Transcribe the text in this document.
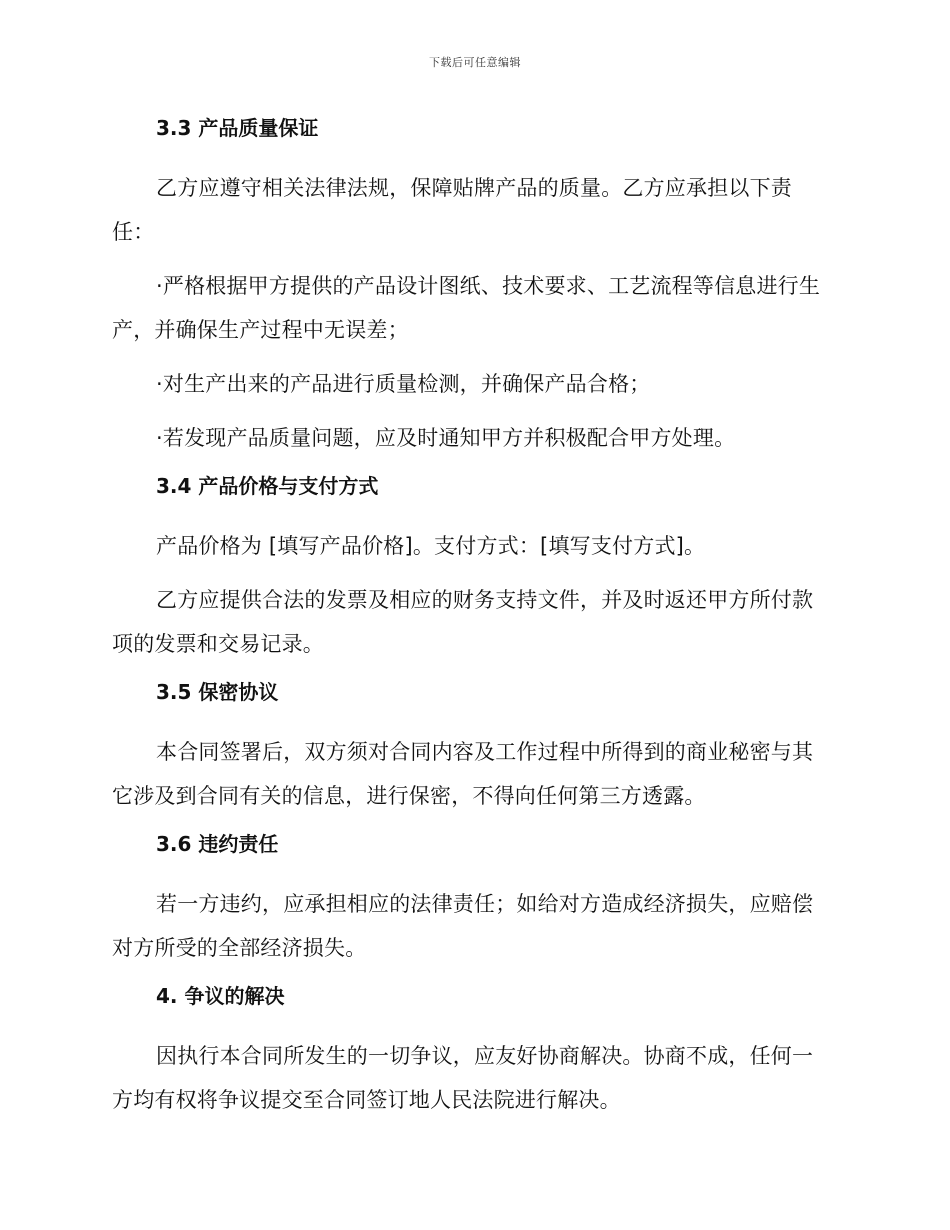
下载后可任意编辑
3.3 产品质量保证

乙方应遵守相关法律法规，保障贴牌产品的质量。乙方应承担以下责任：

·严格根据甲方提供的产品设计图纸、技术要求、工艺流程等信息进行生产，并确保生产过程中无误差；

·对生产出来的产品进行质量检测，并确保产品合格；

·若发现产品质量问题，应及时通知甲方并积极配合甲方处理。

3.4 产品价格与支付方式

产品价格为 [填写产品价格]。支付方式：[填写支付方式]。

乙方应提供合法的发票及相应的财务支持文件，并及时返还甲方所付款项的发票和交易记录。

3.5 保密协议

本合同签署后，双方须对合同内容及工作过程中所得到的商业秘密与其它涉及到合同有关的信息，进行保密，不得向任何第三方透露。

3.6 违约责任

若一方违约，应承担相应的法律责任；如给对方造成经济损失，应赔偿对方所受的全部经济损失。

4. 争议的解决

因执行本合同所发生的一切争议，应友好协商解决。协商不成，任何一方均有权将争议提交至合同签订地人民法院进行解决。
